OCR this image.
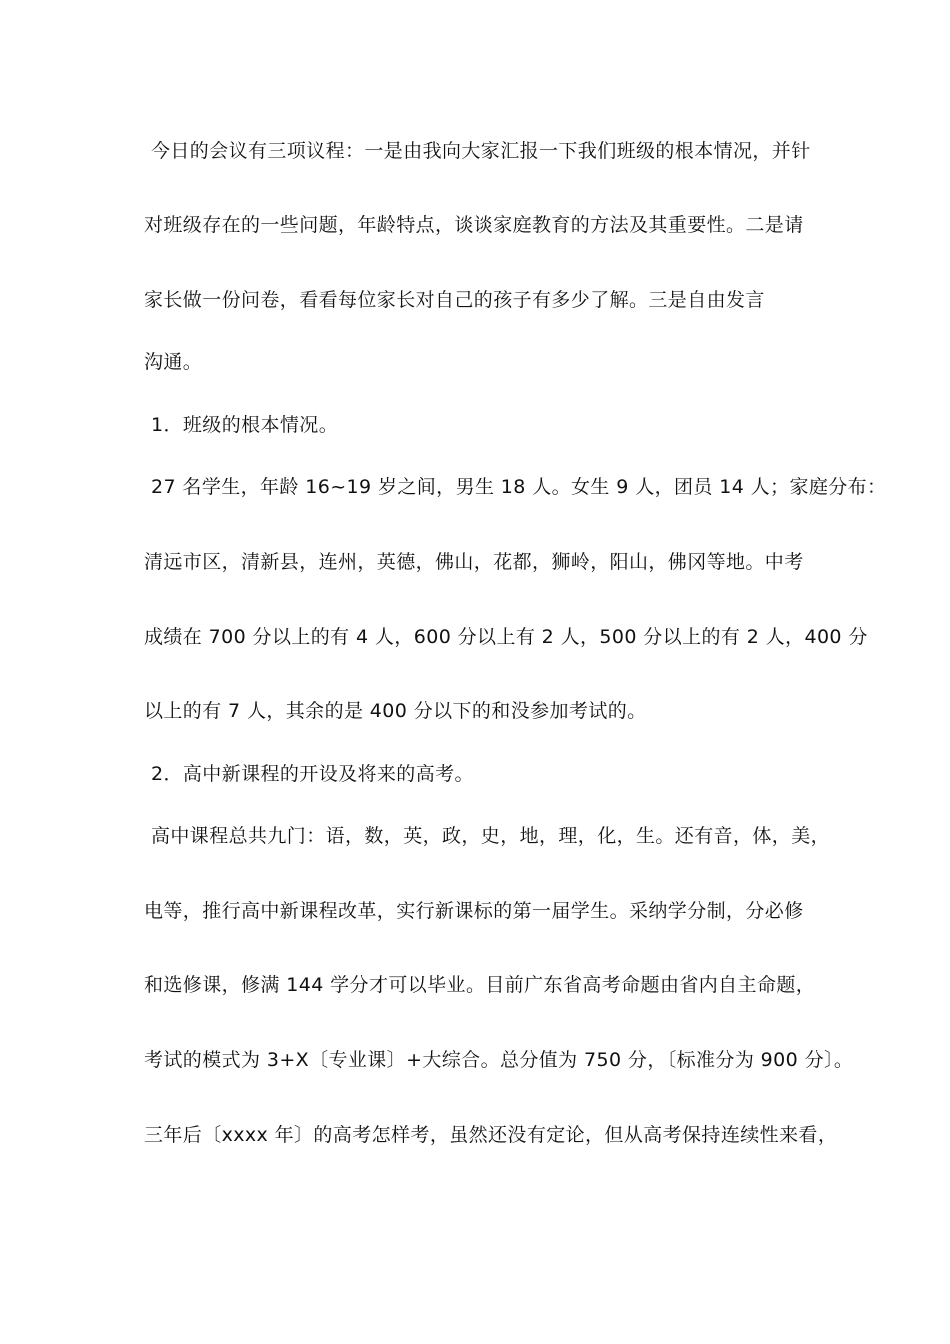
今日的会议有三项议程：一是由我向大家汇报一下我们班级的根本情况，并针
对班级存在的一些问题，年龄特点，谈谈家庭教育的方法及其重要性。二是请
家长做一份问卷，看看每位家长对自己的孩子有多少了解。三是自由发言
沟通。
1．班级的根本情况。
27 名学生，年龄 16~19 岁之间，男生 18 人。女生 9 人，团员 14 人；家庭分布：
清远市区，清新县，连州，英德，佛山，花都，狮岭，阳山，佛冈等地。中考
成绩在 700 分以上的有 4 人，600 分以上有 2 人，500 分以上的有 2 人，400 分
以上的有 7 人，其余的是 400 分以下的和没参加考试的。
2．高中新课程的开设及将来的高考。
高中课程总共九门：语，数，英，政，史，地，理，化，生。还有音，体，美，
电等，推行高中新课程改革，实行新课标的第一届学生。采纳学分制，分必修
和选修课，修满 144 学分才可以毕业。目前广东省高考命题由省内自主命题，
考试的模式为 3+X〔专业课〕+大综合。总分值为 750 分，〔标准分为 900 分〕。
三年后〔xxxx 年〕的高考怎样考，虽然还没有定论，但从高考保持连续性来看，
